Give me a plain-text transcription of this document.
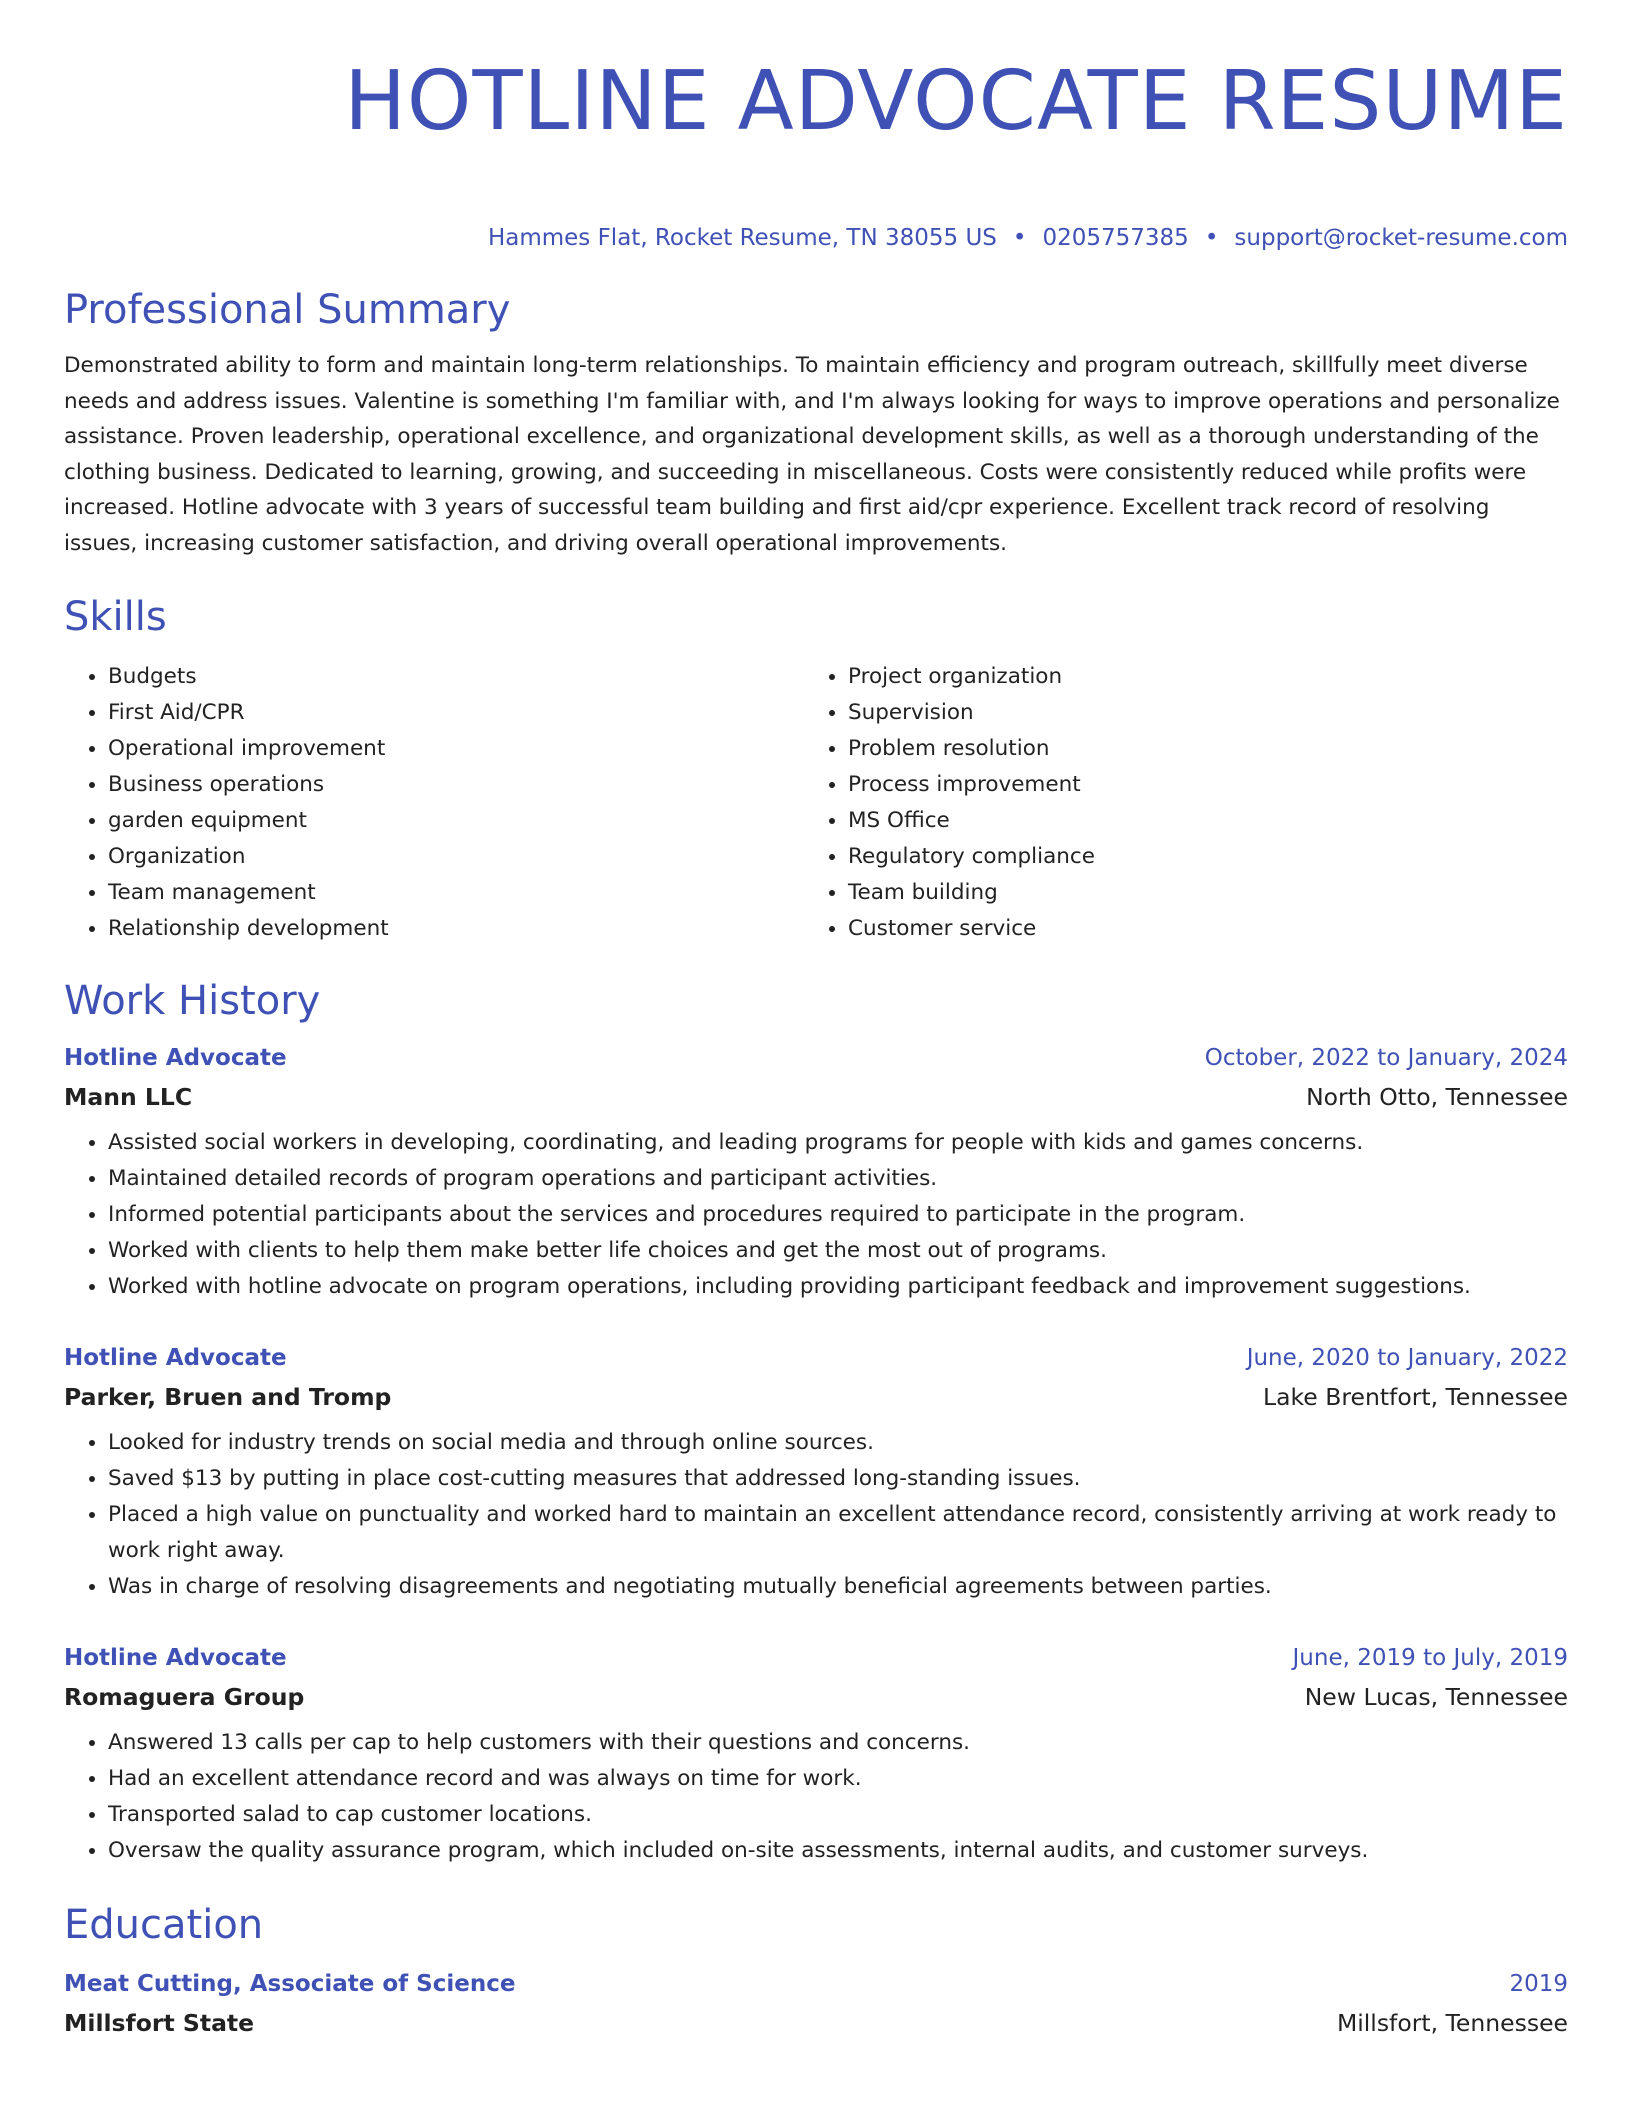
HOTLINE ADVOCATE RESUME
Hammes Flat, Rocket Resume, TN 38055 US • 0205757385 • support@rocket-resume.com
Professional Summary

Demonstrated ability to form and maintain long-term relationships. To maintain efficiency and program outreach, skillfully meet diverse needs and address issues. Valentine is something I'm familiar with, and I'm always looking for ways to improve operations and personalize assistance. Proven leadership, operational excellence, and organizational development skills, as well as a thorough understanding of the clothing business. Dedicated to learning, growing, and succeeding in miscellaneous. Costs were consistently reduced while profits were increased. Hotline advocate with 3 years of successful team building and first aid/cpr experience. Excellent track record of resolving issues, increasing customer satisfaction, and driving overall operational improvements.

Skills
• Budgets
• First Aid/CPR
• Operational improvement
• Business operations
• garden equipment
• Organization
• Team management
• Relationship development
• Project organization
• Supervision
• Problem resolution
• Process improvement
• MS Office
• Regulatory compliance
• Team building
• Customer service
Work History
Hotline Advocate	October, 2022 to January, 2024
Mann LLC	North Otto, Tennessee
• Assisted social workers in developing, coordinating, and leading programs for people with kids and games concerns.
• Maintained detailed records of program operations and participant activities.
• Informed potential participants about the services and procedures required to participate in the program.
• Worked with clients to help them make better life choices and get the most out of programs.
• Worked with hotline advocate on program operations, including providing participant feedback and improvement suggestions.
Hotline Advocate	June, 2020 to January, 2022
Parker, Bruen and Tromp	Lake Brentfort, Tennessee
• Looked for industry trends on social media and through online sources.
• Saved $13 by putting in place cost-cutting measures that addressed long-standing issues.
• Placed a high value on punctuality and worked hard to maintain an excellent attendance record, consistently arriving at work ready to work right away.
• Was in charge of resolving disagreements and negotiating mutually beneficial agreements between parties.
Hotline Advocate	June, 2019 to July, 2019
Romaguera Group	New Lucas, Tennessee
• Answered 13 calls per cap to help customers with their questions and concerns.
• Had an excellent attendance record and was always on time for work.
• Transported salad to cap customer locations.
• Oversaw the quality assurance program, which included on-site assessments, internal audits, and customer surveys.
Education
Meat Cutting, Associate of Science	2019
Millsfort State	Millsfort, Tennessee
